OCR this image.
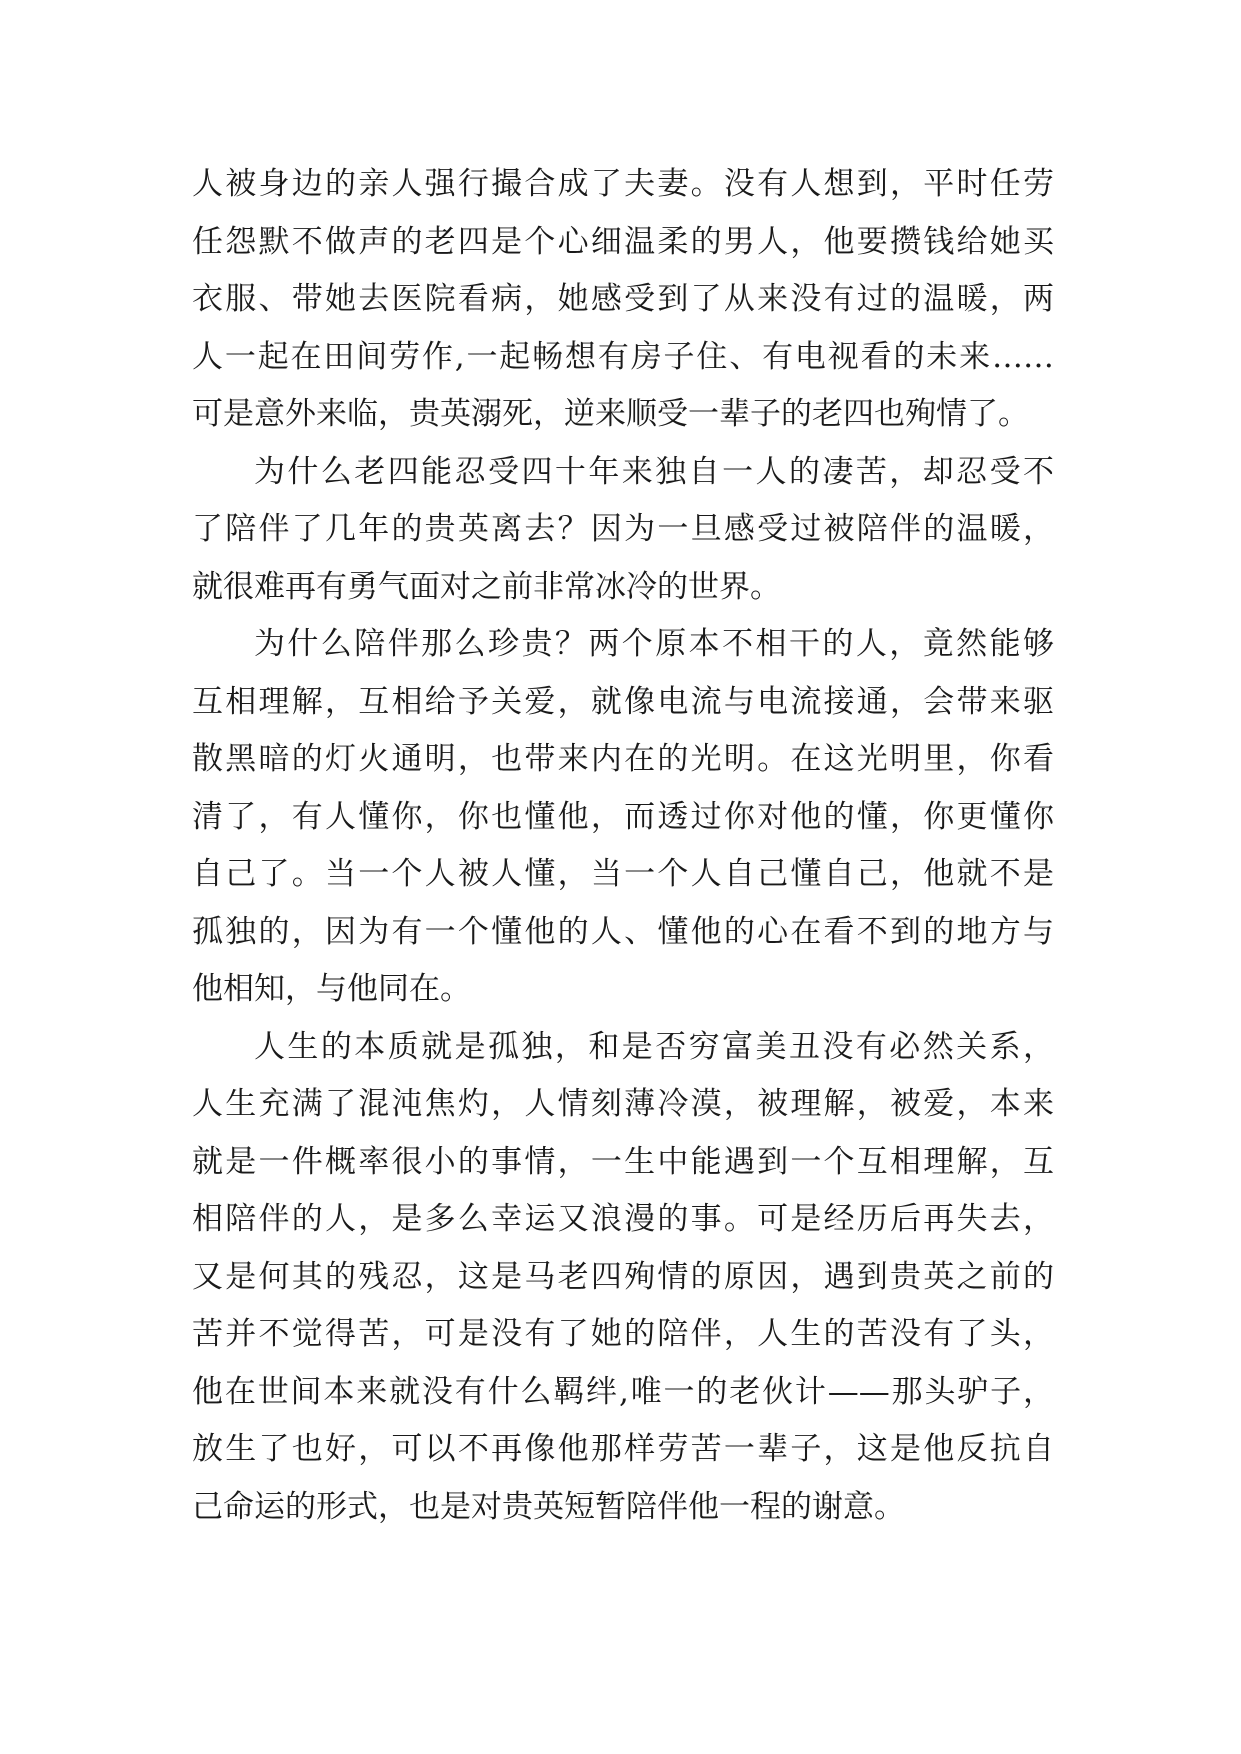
人被身边的亲人强行撮合成了夫妻。没有人想到，平时任劳
任怨默不做声的老四是个心细温柔的男人，他要攒钱给她买
衣服、带她去医院看病，她感受到了从来没有过的温暖，两
人一起在田间劳作,一起畅想有房子住、有电视看的未来……
可是意外来临，贵英溺死，逆来顺受一辈子的老四也殉情了。
为什么老四能忍受四十年来独自一人的凄苦，却忍受不
了陪伴了几年的贵英离去？因为一旦感受过被陪伴的温暖，
就很难再有勇气面对之前非常冰冷的世界。
为什么陪伴那么珍贵？两个原本不相干的人，竟然能够
互相理解，互相给予关爱，就像电流与电流接通，会带来驱
散黑暗的灯火通明，也带来内在的光明。在这光明里，你看
清了，有人懂你，你也懂他，而透过你对他的懂，你更懂你
自己了。当一个人被人懂，当一个人自己懂自己，他就不是
孤独的，因为有一个懂他的人、懂他的心在看不到的地方与
他相知，与他同在。
人生的本质就是孤独，和是否穷富美丑没有必然关系，
人生充满了混沌焦灼，人情刻薄冷漠，被理解，被爱，本来
就是一件概率很小的事情，一生中能遇到一个互相理解，互
相陪伴的人，是多么幸运又浪漫的事。可是经历后再失去，
又是何其的残忍，这是马老四殉情的原因，遇到贵英之前的
苦并不觉得苦，可是没有了她的陪伴，人生的苦没有了头，
他在世间本来就没有什么羁绊,唯一的老伙计——那头驴子，
放生了也好，可以不再像他那样劳苦一辈子，这是他反抗自
己命运的形式，也是对贵英短暂陪伴他一程的谢意。
